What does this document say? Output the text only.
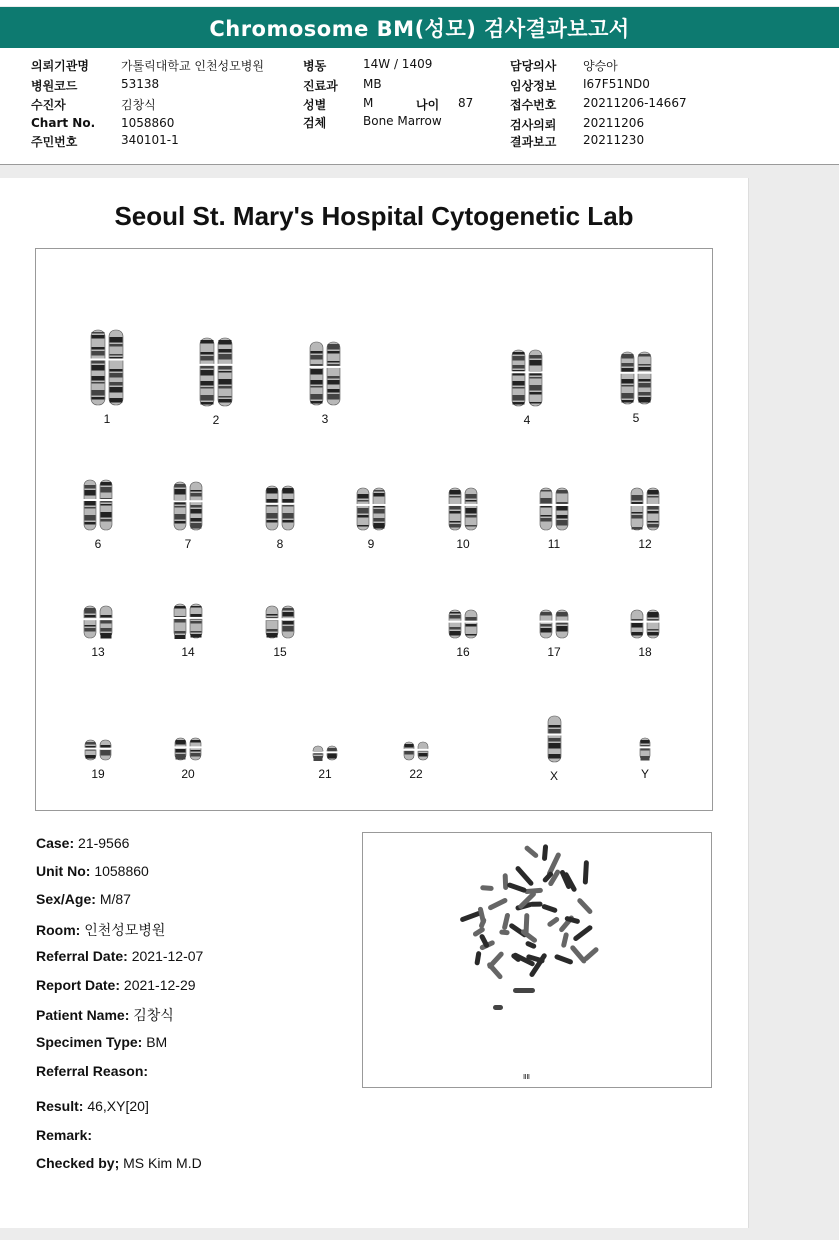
Chromosome BM(성모) 검사결과보고서
의뢰기관명	가톨릭대학교 인천성모병원
병원코드	53138
수진자	김창식
Chart No. 1058860
주민번호	340101-1
병동	14W / 1409
진료과 MB
성별	M	나이 87
검체	Bone Marrow
담당의사 양승아
임상정보 I67F51ND0
접수번호 20211206-14667
검사의뢰 20211206
결과보고 20211230
Seoul St. Mary's Hospital Cytogenetic Lab
1	2	3	4	5
6	7	8	9	10	11	12
13	14	15	16	17	18
19	20	21	22	X	Y
Case: 21-9566
Unit No: 1058860
Sex/Age: M/87
Room: 인천성모병원
Referral Date: 2021-12-07
Report Date: 2021-12-29
Patient Name: 김창식
Specimen Type: BM
Referral Reason:
Result: 46,XY[20]
Remark:
Checked by; MS Kim M.D
ⅡⅡ
